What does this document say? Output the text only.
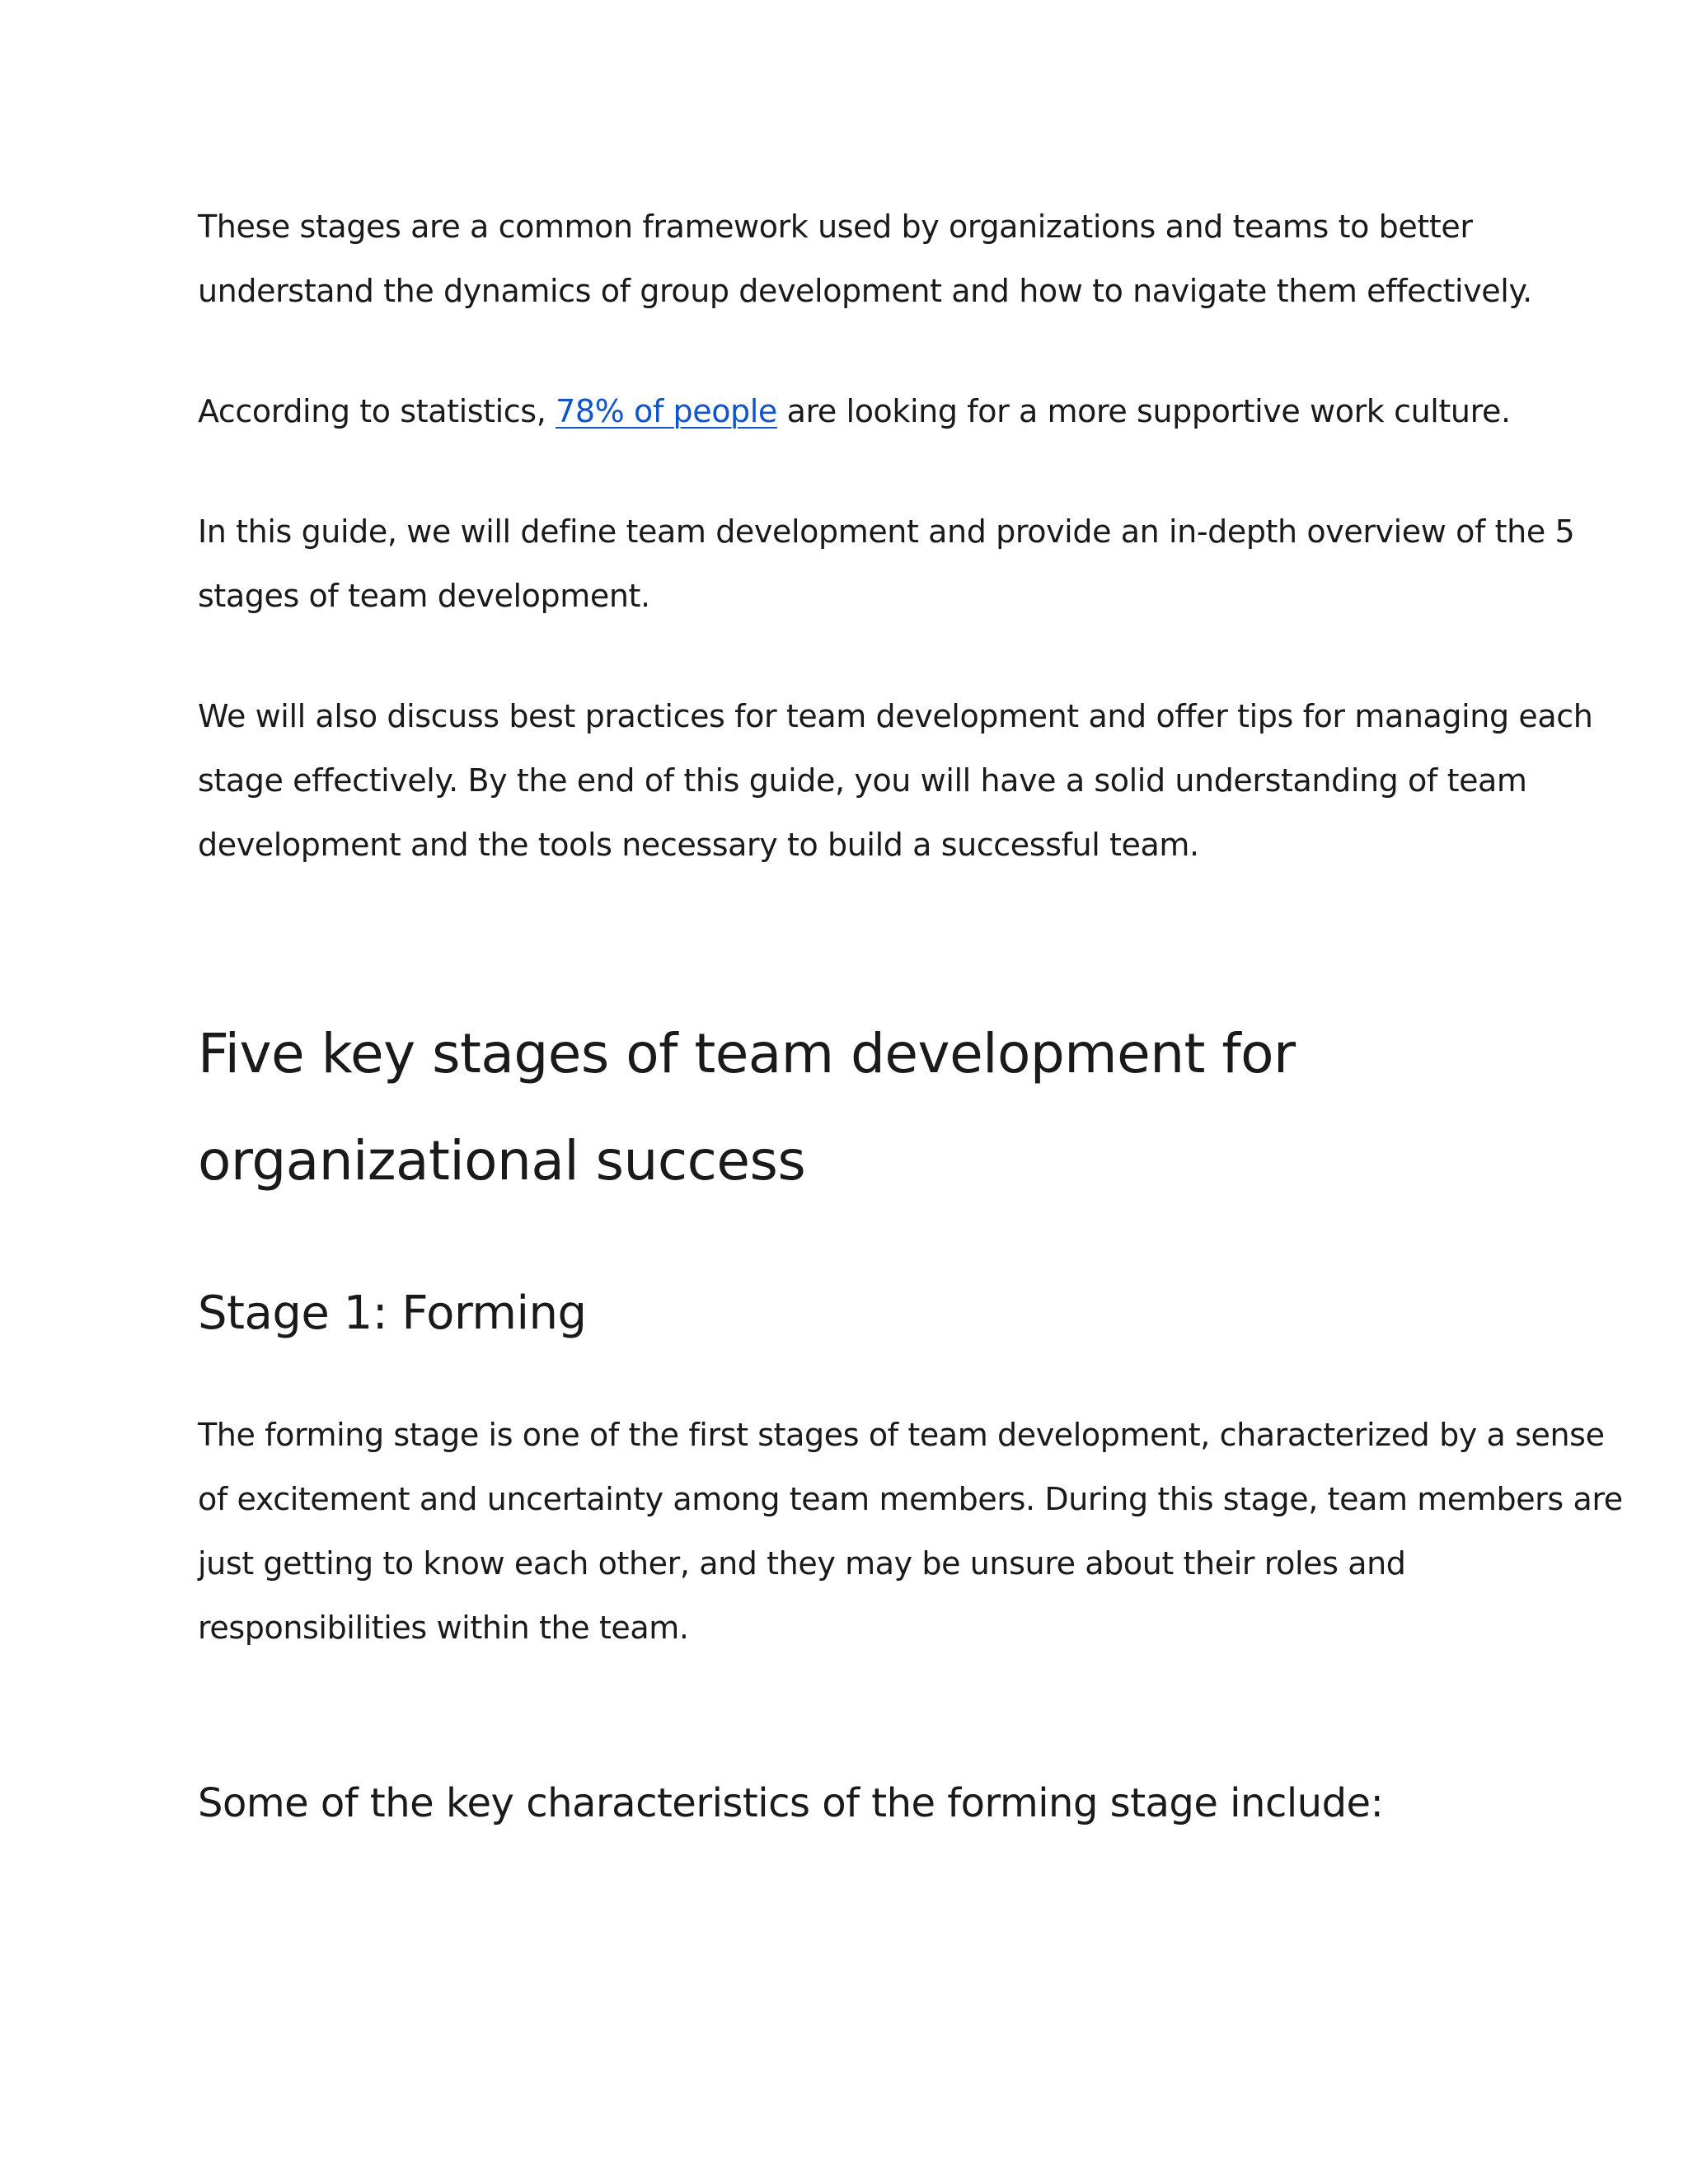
These stages are a common framework used by organizations and teams to better
understand the dynamics of group development and how to navigate them effectively.

According to statistics, 78% of people are looking for a more supportive work culture.

In this guide, we will define team development and provide an in-depth overview of the 5
stages of team development.

We will also discuss best practices for team development and offer tips for managing each
stage effectively. By the end of this guide, you will have a solid understanding of team
development and the tools necessary to build a successful team.

Five key stages of team development for
organizational success
Stage 1: Forming

The forming stage is one of the first stages of team development, characterized by a sense
of excitement and uncertainty among team members. During this stage, team members are
just getting to know each other, and they may be unsure about their roles and
responsibilities within the team.

Some of the key characteristics of the forming stage include:
